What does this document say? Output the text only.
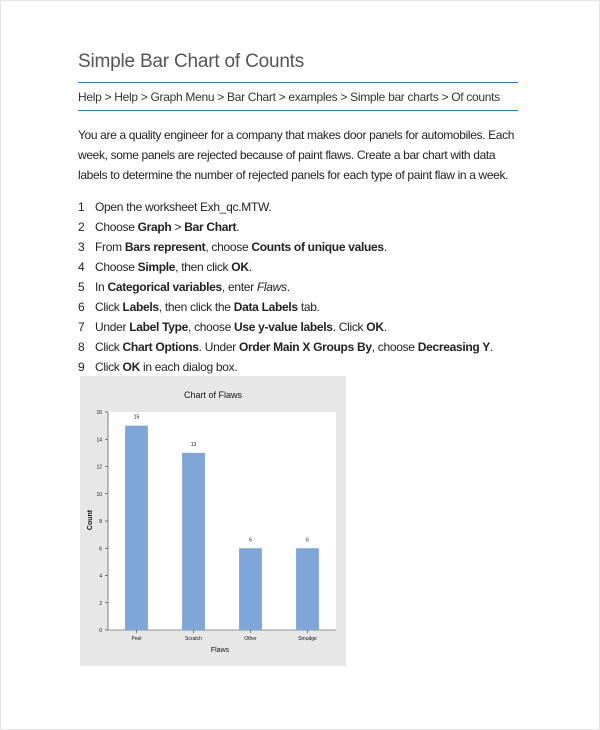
Simple Bar Chart of Counts
Help > Help > Graph Menu > Bar Chart > examples > Simple bar charts > Of counts

You are a quality engineer for a company that makes door panels for automobiles. Each week, some panels are rejected because of paint flaws. Create a bar chart with data labels to determine the number of rejected panels for each type of paint flaw in a week.

1 Open the worksheet Exh_qc.MTW.
2 Choose Graph > Bar Chart.
3 From Bars represent, choose Counts of unique values.
4 Choose Simple, then click OK.
5 In Categorical variables, enter Flaws.
6 Click Labels, then click the Data Labels tab.
7 Under Label Type, choose Use y-value labels. Click OK.
8 Click Chart Options. Under Order Main X Groups By, choose Decreasing Y.
9 Click OK in each dialog box.
Chart of Flaws
Flaws
Count
0
2
4
6
8
10
12
14
16
Peel	Scratch	Other	Smudge
15
13
6	6
